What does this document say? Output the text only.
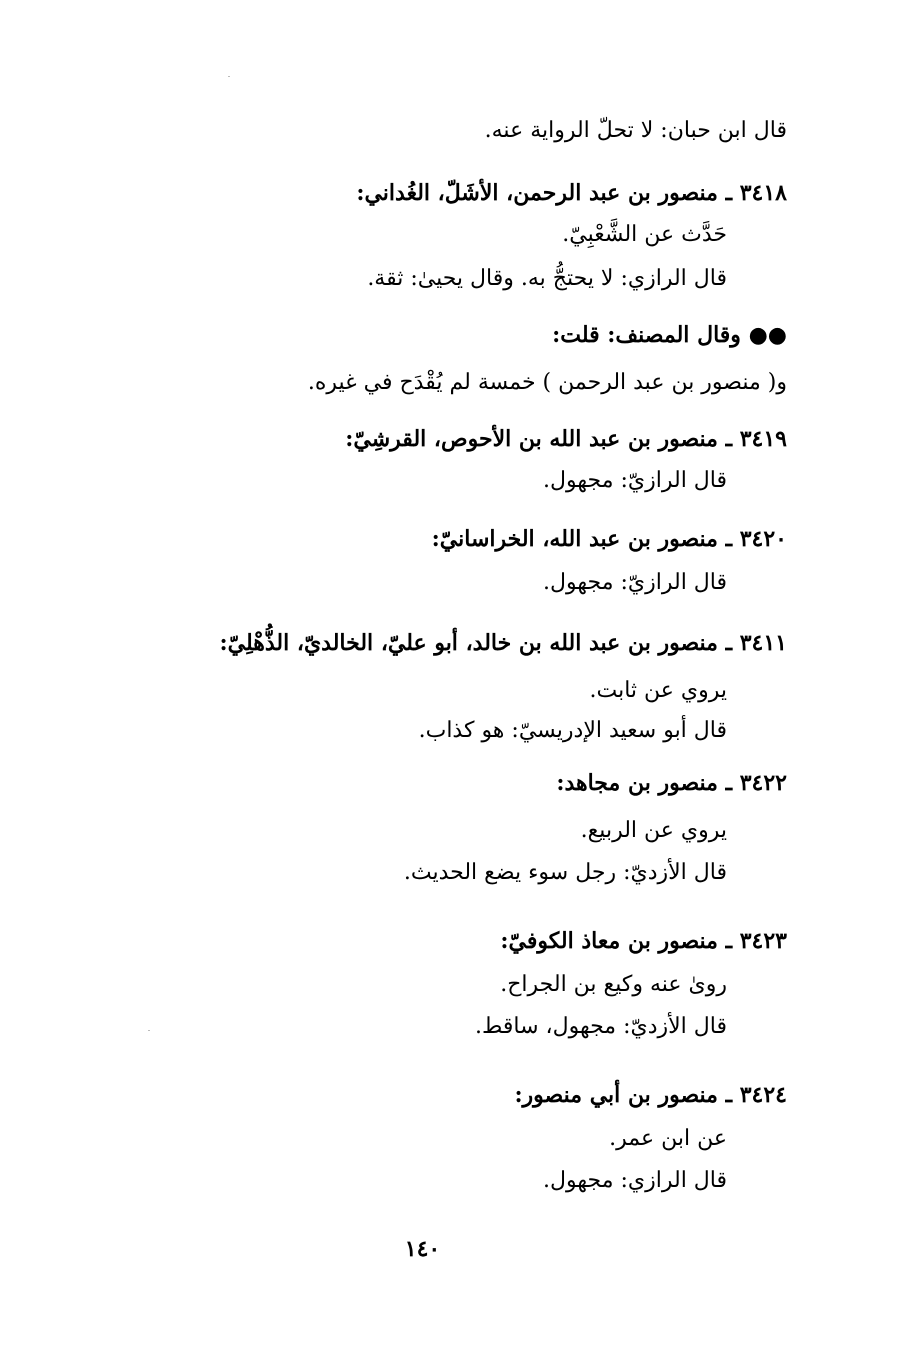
قال ابن حبان: لا تحلّ الرواية عنه.
٣٤١٨ ـ منصور بن عبد الرحمن، الأشَلّ، الغُداني:
حَدَّث عن الشَّعْبِيّ.
قال الرازي: لا يحتجُّ به. وقال يحيىٰ: ثقة.
●● وقال المصنف: قلت:
و( منصور بن عبد الرحمن ) خمسة لم يُقْدَح في غيره.
٣٤١٩ ـ منصور بن عبد الله بن الأحوص، القرشِيّ:
قال الرازيّ: مجهول.
٣٤٢٠ ـ منصور بن عبد الله، الخراسانيّ:
قال الرازيّ: مجهول.
٣٤١١ ـ منصور بن عبد الله بن خالد، أبو عليّ، الخالديّ، الذُّهْلِيّ:
يروي عن ثابت.
قال أبو سعيد الإدريسيّ: هو كذاب.
٣٤٢٢ ـ منصور بن مجاهد:
يروي عن الربيع.
قال الأزديّ: رجل سوء يضع الحديث.
٣٤٢٣ ـ منصور بن معاذ الكوفيّ:
روىٰ عنه وكيع بن الجراح.
قال الأزديّ: مجهول، ساقط.
٣٤٢٤ ـ منصور بن أبي منصور:
عن ابن عمر.
قال الرازي: مجهول.
١٤٠
